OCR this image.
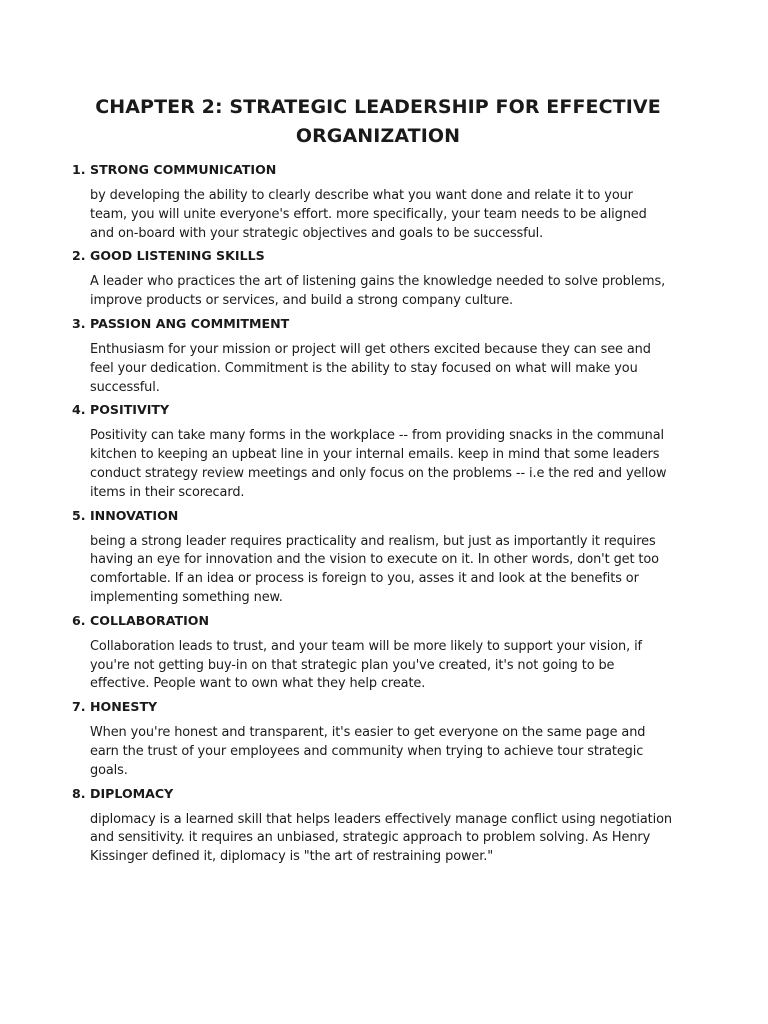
CHAPTER 2: STRATEGIC LEADERSHIP FOR EFFECTIVE ORGANIZATION
1. STRONG COMMUNICATION

by developing the ability to clearly describe what you want done and relate it to your team, you will unite everyone's effort. more specifically, your team needs to be aligned and on-board with your strategic objectives and goals to be successful.

2. GOOD LISTENING SKILLS

A leader who practices the art of listening gains the knowledge needed to solve problems, improve products or services, and build a strong company culture.

3. PASSION ANG COMMITMENT

Enthusiasm for your mission or project will get others excited because they can see and feel your dedication. Commitment is the ability to stay focused on what will make you successful.

4. POSITIVITY

Positivity can take many forms in the workplace -- from providing snacks in the communal kitchen to keeping an upbeat line in your internal emails. keep in mind that some leaders conduct strategy review meetings and only focus on the problems -- i.e the red and yellow items in their scorecard.

5. INNOVATION

being a strong leader requires practicality and realism, but just as importantly it requires having an eye for innovation and the vision to execute on it. In other words, don't get too comfortable. If an idea or process is foreign to you, asses it and look at the benefits or implementing something new.

6. COLLABORATION

Collaboration leads to trust, and your team will be more likely to support your vision, if you're not getting buy-in on that strategic plan you've created, it's not going to be effective. People want to own what they help create.

7. HONESTY

When you're honest and transparent, it's easier to get everyone on the same page and earn the trust of your employees and community when trying to achieve tour strategic goals.

8. DIPLOMACY

diplomacy is a learned skill that helps leaders effectively manage conflict using negotiation and sensitivity. it requires an unbiased, strategic approach to problem solving. As Henry Kissinger defined it, diplomacy is "the art of restraining power."
